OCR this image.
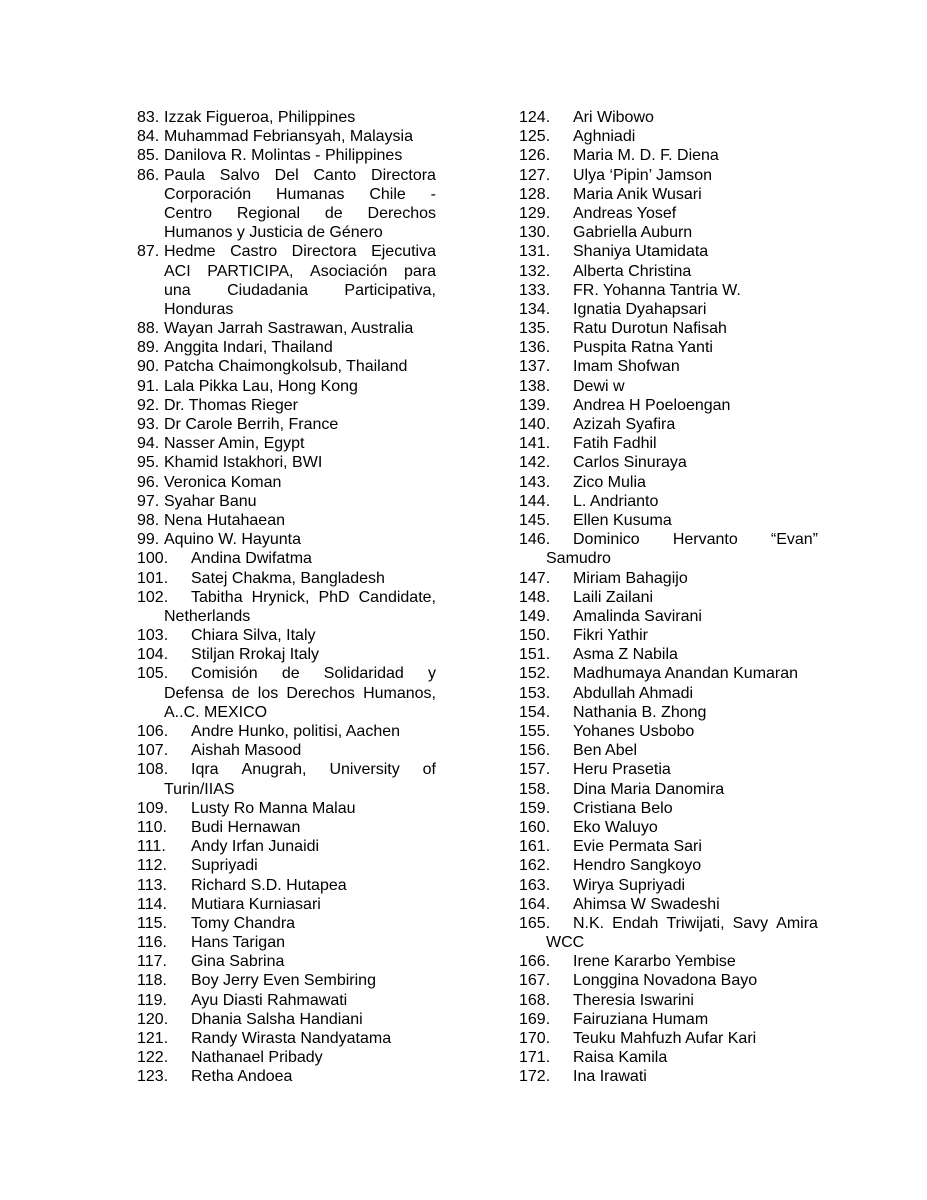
83. Izzak Figueroa, Philippines
84. Muhammad Febriansyah, Malaysia
85. Danilova R. Molintas - Philippines
86. Paula Salvo Del Canto Directora
Corporación Humanas Chile -
Centro Regional de Derechos
Humanos y Justicia de Género
87. Hedme Castro Directora Ejecutiva
ACI PARTICIPA, Asociación para
una Ciudadania Participativa,
Honduras
88. Wayan Jarrah Sastrawan, Australia
89. Anggita Indari, Thailand
90. Patcha Chaimongkolsub, Thailand
91. Lala Pikka Lau, Hong Kong
92. Dr. Thomas Rieger
93. Dr Carole Berrih, France
94. Nasser Amin, Egypt
95. Khamid Istakhori, BWI
96. Veronica Koman
97. Syahar Banu
98. Nena Hutahaean
99. Aquino W. Hayunta
100. Andina Dwifatma
101. Satej Chakma, Bangladesh
102. Tabitha Hrynick, PhD Candidate,
Netherlands
103. Chiara Silva, Italy
104. Stiljan Rrokaj Italy
105. Comisión de Solidaridad y
Defensa de los Derechos Humanos,
A..C. MEXICO
106. Andre Hunko, politisi, Aachen
107. Aishah Masood
108. Iqra Anugrah, University of
Turin/IIAS
109. Lusty Ro Manna Malau
110. Budi Hernawan
111. Andy Irfan Junaidi
112. Supriyadi
113. Richard S.D. Hutapea
114. Mutiara Kurniasari
115. Tomy Chandra
116. Hans Tarigan
117. Gina Sabrina
118. Boy Jerry Even Sembiring
119. Ayu Diasti Rahmawati
120. Dhania Salsha Handiani
121. Randy Wirasta Nandyatama
122. Nathanael Pribady
123. Retha Andoea
124. Ari Wibowo
125. Aghniadi
126. Maria M. D. F. Diena
127. Ulya ‘Pipin’ Jamson
128. Maria Anik Wusari
129. Andreas Yosef
130. Gabriella Auburn
131. Shaniya Utamidata
132. Alberta Christina
133. FR. Yohanna Tantria W.
134. Ignatia Dyahapsari
135. Ratu Durotun Nafisah
136. Puspita Ratna Yanti
137. Imam Shofwan
138. Dewi w
139. Andrea H Poeloengan
140. Azizah Syafira
141. Fatih Fadhil
142. Carlos Sinuraya
143. Zico Mulia
144. L. Andrianto
145. Ellen Kusuma
146. Dominico Hervanto “Evan”
Samudro
147. Miriam Bahagijo
148. Laili Zailani
149. Amalinda Savirani
150. Fikri Yathir
151. Asma Z Nabila
152. Madhumaya Anandan Kumaran
153. Abdullah Ahmadi
154. Nathania B. Zhong
155. Yohanes Usbobo
156. Ben Abel
157. Heru Prasetia
158. Dina Maria Danomira
159. Cristiana Belo
160. Eko Waluyo
161. Evie Permata Sari
162. Hendro Sangkoyo
163. Wirya Supriyadi
164. Ahimsa W Swadeshi
165. N.K. Endah Triwijati, Savy Amira
WCC
166. Irene Kararbo Yembise
167. Longgina Novadona Bayo
168. Theresia Iswarini
169. Fairuziana Humam
170. Teuku Mahfuzh Aufar Kari
171. Raisa Kamila
172. Ina Irawati
